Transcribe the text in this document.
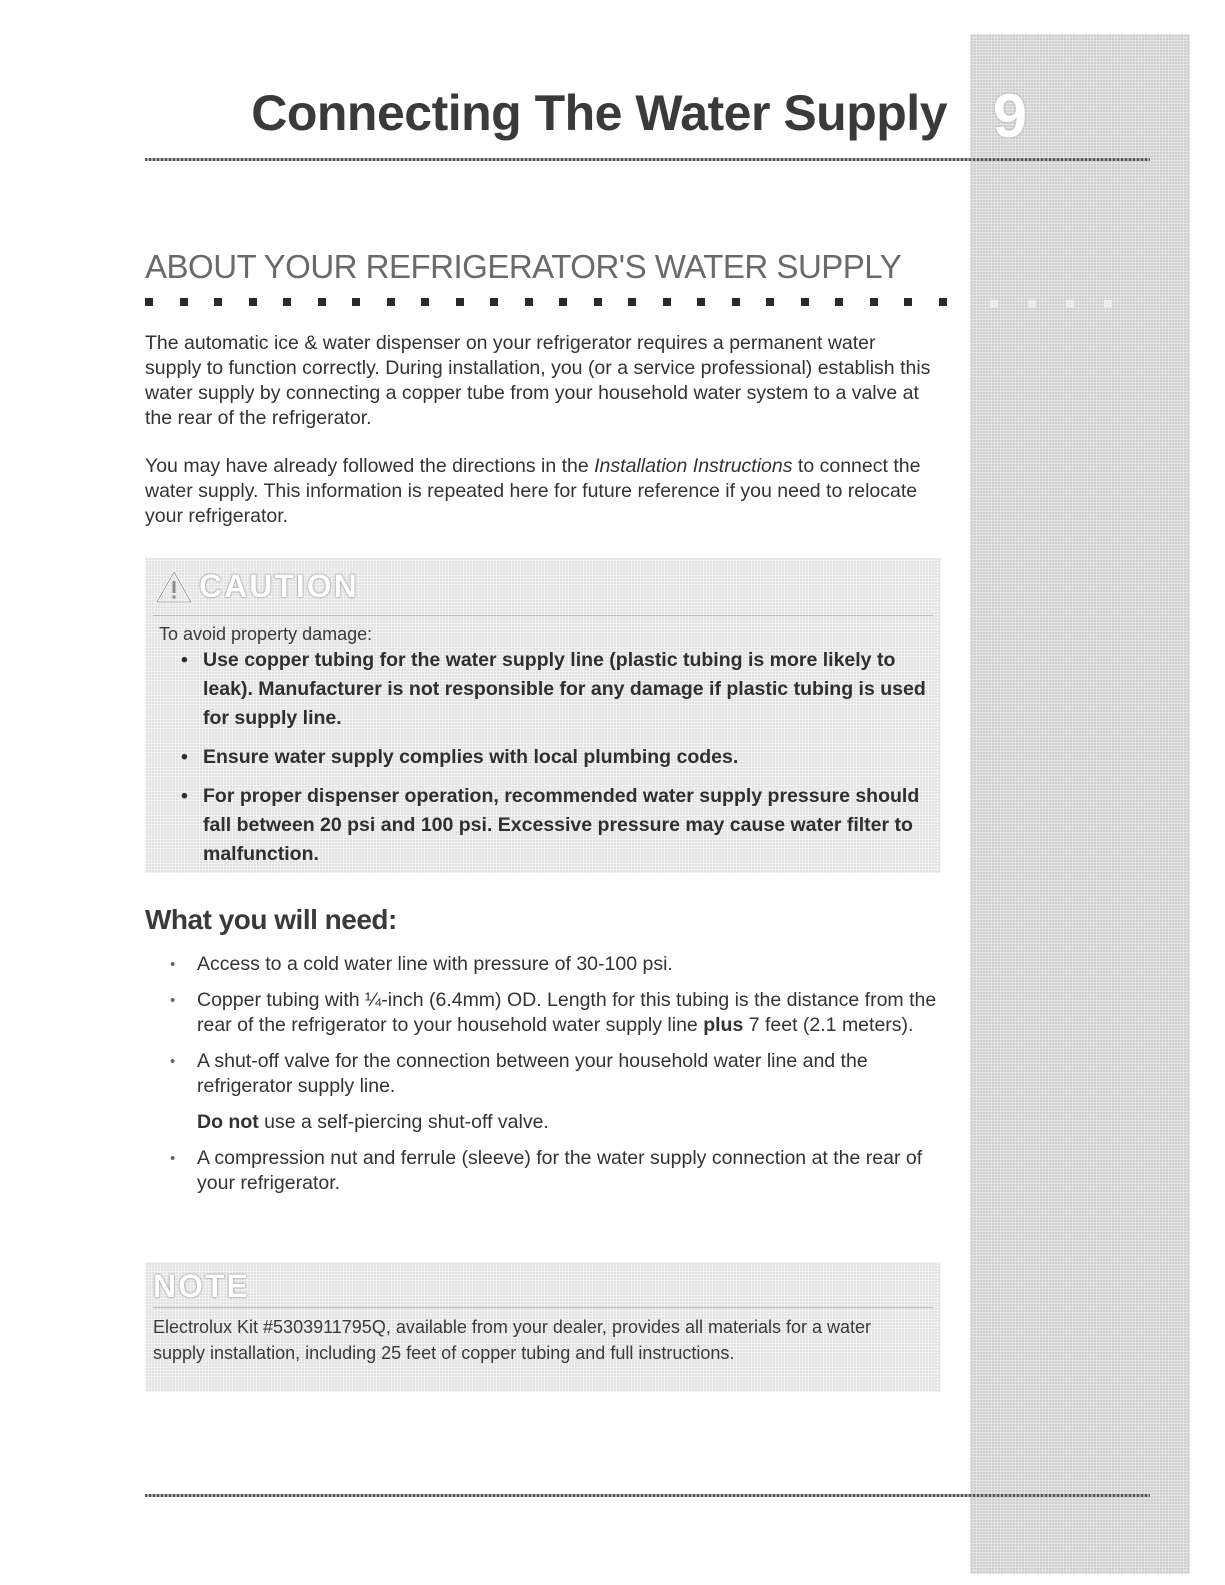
9
Connecting The Water Supply
ABOUT YOUR REFRIGERATOR'S WATER SUPPLY

The automatic ice & water dispenser on your refrigerator requires a permanent water supply to function correctly. During installation, you (or a service professional) establish this water supply by connecting a copper tube from your household water system to a valve at the rear of the refrigerator.

You may have already followed the directions in the Installation Instructions to connect the water supply. This information is repeated here for future reference if you need to relocate your refrigerator.

CAUTION

To avoid property damage:

• Use copper tubing for the water supply line (plastic tubing is more likely to leak). Manufacturer is not responsible for any damage if plastic tubing is used for supply line.
• Ensure water supply complies with local plumbing codes.
• For proper dispenser operation, recommended water supply pressure should fall between 20 psi and 100 psi. Excessive pressure may cause water filter to malfunction.
What you will need:
• Access to a cold water line with pressure of 30-100 psi.
• Copper tubing with ¼-inch (6.4mm) OD. Length for this tubing is the distance from the rear of the refrigerator to your household water supply line plus 7 feet (2.1 meters).
• A shut-off valve for the connection between your household water line and the refrigerator supply line.
Do not use a self-piercing shut-off valve.
• A compression nut and ferrule (sleeve) for the water supply connection at the rear of your refrigerator.
NOTE

Electrolux Kit #5303911795Q, available from your dealer, provides all materials for a water supply installation, including 25 feet of copper tubing and full instructions.
